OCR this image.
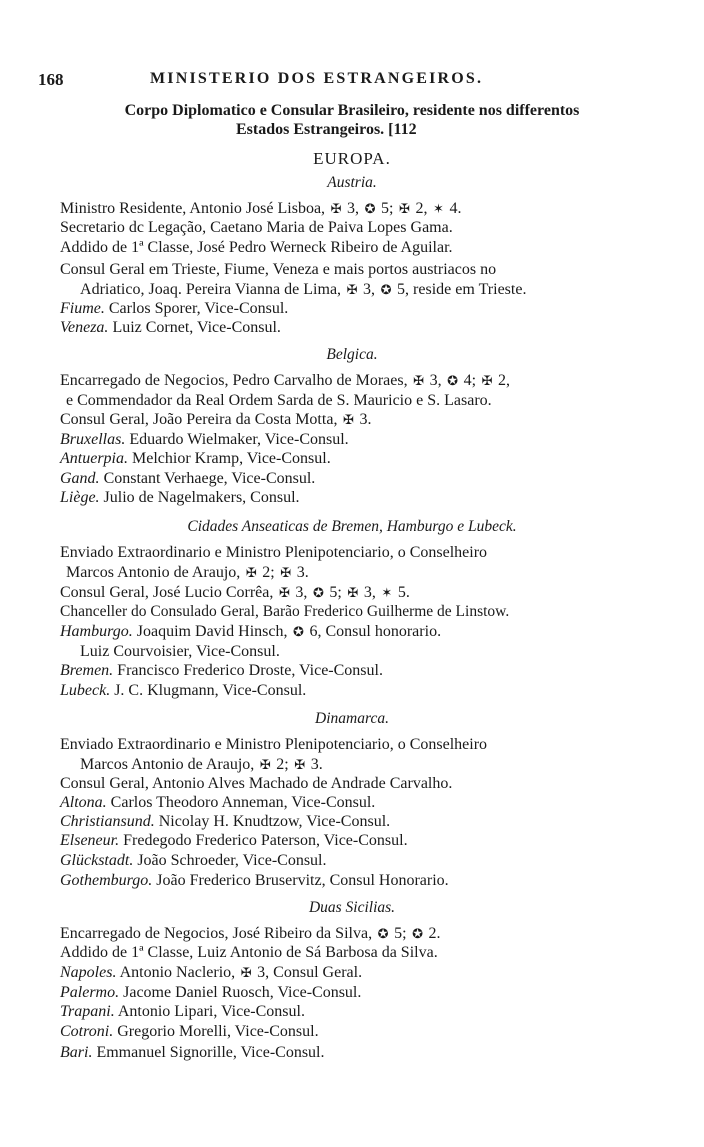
168	MINISTERIO DOS ESTRANGEIROS.
Corpo Diplomatico e Consular Brasileiro, residente nos differentos
Estados Estrangeiros. [112
EUROPA.
Austria.
Ministro Residente, Antonio José Lisboa, ✠ 3, ✪ 5; ✠ 2, ✶ 4.
Secretario dc Legação, Caetano Maria de Paiva Lopes Gama.
Addido de 1ª Classe, José Pedro Werneck Ribeiro de Aguilar.
Consul Geral em Trieste, Fiume, Veneza e mais portos austriacos no
Adriatico, Joaq. Pereira Vianna de Lima, ✠ 3, ✪ 5, reside em Trieste.
Fiume. Carlos Sporer, Vice-Consul.
Veneza. Luiz Cornet, Vice-Consul.
Belgica.
Encarregado de Negocios, Pedro Carvalho de Moraes, ✠ 3, ✪ 4; ✠ 2,
e Commendador da Real Ordem Sarda de S. Mauricio e S. Lasaro.
Consul Geral, João Pereira da Costa Motta, ✠ 3.
Bruxellas. Eduardo Wielmaker, Vice-Consul.
Antuerpia. Melchior Kramp, Vice-Consul.
Gand. Constant Verhaege, Vice-Consul.
Liège. Julio de Nagelmakers, Consul.
Cidades Anseaticas de Bremen, Hamburgo e Lubeck.
Enviado Extraordinario e Ministro Plenipotenciario, o Conselheiro
Marcos Antonio de Araujo, ✠ 2; ✠ 3.
Consul Geral, José Lucio Corrêa, ✠ 3, ✪ 5; ✠ 3, ✶ 5.
Chanceller do Consulado Geral, Barão Frederico Guilherme de Linstow.
Hamburgo. Joaquim David Hinsch, ✪ 6, Consul honorario.
Luiz Courvoisier, Vice-Consul.
Bremen. Francisco Frederico Droste, Vice-Consul.
Lubeck. J. C. Klugmann, Vice-Consul.
Dinamarca.
Enviado Extraordinario e Ministro Plenipotenciario, o Conselheiro
Marcos Antonio de Araujo, ✠ 2; ✠ 3.
Consul Geral, Antonio Alves Machado de Andrade Carvalho.
Altona. Carlos Theodoro Anneman, Vice-Consul.
Christiansund. Nicolay H. Knudtzow, Vice-Consul.
Elseneur. Fredegodo Frederico Paterson, Vice-Consul.
Glückstadt. João Schroeder, Vice-Consul.
Gothemburgo. João Frederico Bruservitz, Consul Honorario.
Duas Sicilias.
Encarregado de Negocios, José Ribeiro da Silva, ✪ 5; ✪ 2.
Addido de 1ª Classe, Luiz Antonio de Sá Barbosa da Silva.
Napoles. Antonio Naclerio, ✠ 3, Consul Geral.
Palermo. Jacome Daniel Ruosch, Vice-Consul.
Trapani. Antonio Lipari, Vice-Consul.
Cotroni. Gregorio Morelli, Vice-Consul.
Bari. Emmanuel Signorille, Vice-Consul.
